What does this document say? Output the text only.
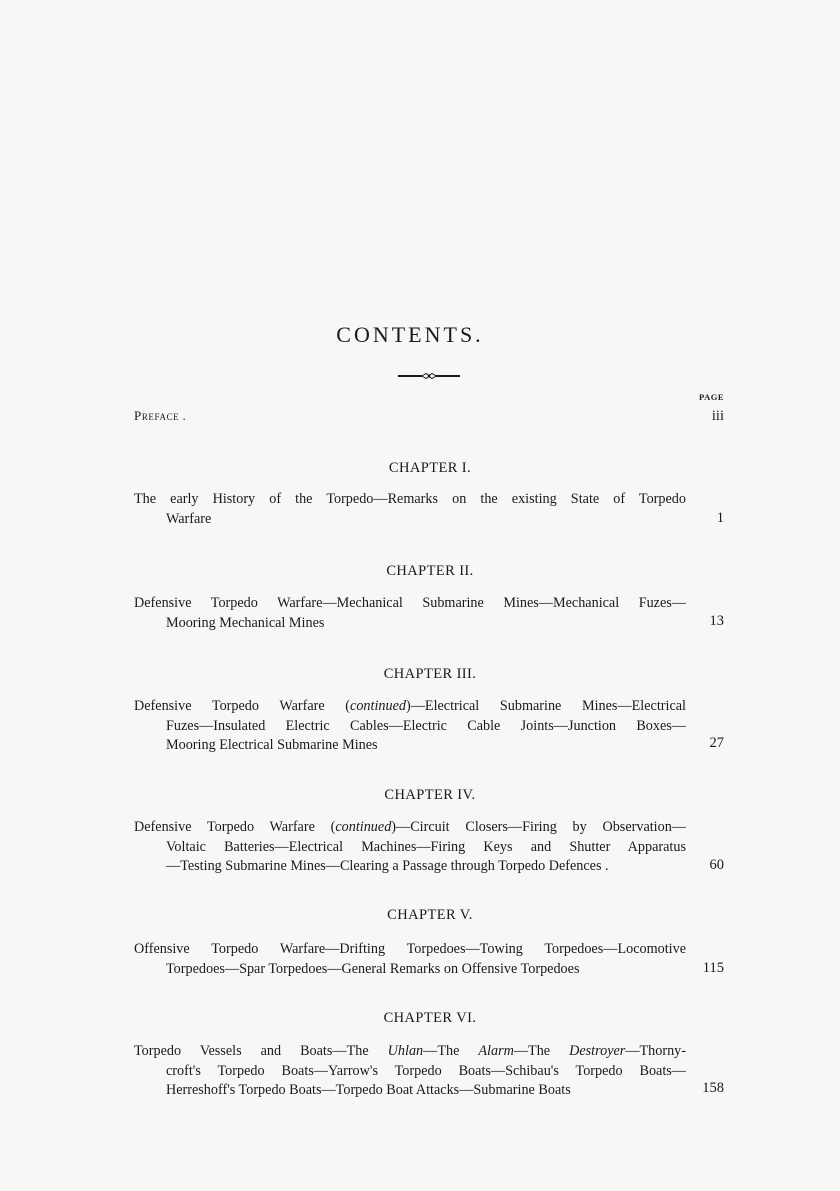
CONTENTS.
PAGE
Preface .	iii
CHAPTER I.
The early History of the Torpedo—Remarks on the existing State of Torpedo
Warfare	1
CHAPTER II.
Defensive Torpedo Warfare—Mechanical Submarine Mines—Mechanical Fuzes—
Mooring Mechanical Mines	13
CHAPTER III.
Defensive Torpedo Warfare (continued)—Electrical Submarine Mines—Electrical
Fuzes—Insulated Electric Cables—Electric Cable Joints—Junction Boxes—
Mooring Electrical Submarine Mines	27
CHAPTER IV.
Defensive Torpedo Warfare (continued)—Circuit Closers—Firing by Observation—
Voltaic Batteries—Electrical Machines—Firing Keys and Shutter Apparatus
—Testing Submarine Mines—Clearing a Passage through Torpedo Defences .	60
CHAPTER V.
Offensive Torpedo Warfare—Drifting Torpedoes—Towing Torpedoes—Locomotive
Torpedoes—Spar Torpedoes—General Remarks on Offensive Torpedoes	115
CHAPTER VI.
Torpedo Vessels and Boats—The Uhlan—The Alarm—The Destroyer—Thorny-
croft's Torpedo Boats—Yarrow's Torpedo Boats—Schibau's Torpedo Boats—
Herreshoff's Torpedo Boats—Torpedo Boat Attacks—Submarine Boats	158
